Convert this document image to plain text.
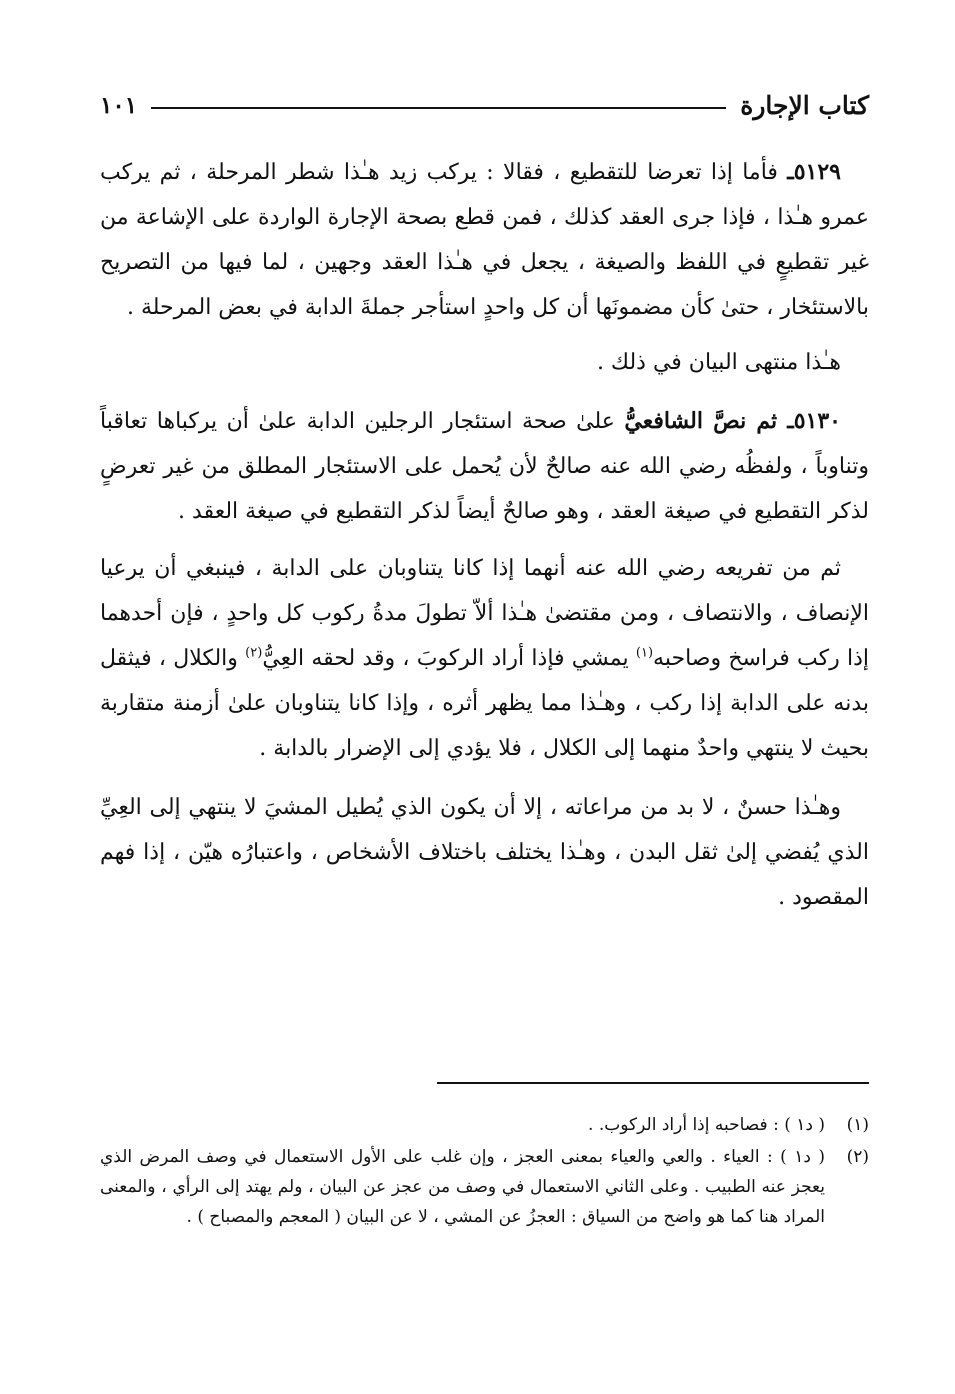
كتاب الإجارة
١٠١

٥١٢٩ـ فأما إذا تعرضا للتقطيع ، فقالا : يركب زيد هـٰذا شطر المرحلة ، ثم يركب عمرو هـٰذا ، فإذا جرى العقد كذلك ، فمن قطع بصحة الإجارة الواردة على الإشاعة من غير تقطيعٍ في اللفظ والصيغة ، يجعل في هـٰذا العقد وجهين ، لما فيها من التصريح بالاستئخار ، حتىٰ كأن مضمونَها أن كل واحدٍ استأجر جملةَ الدابة في بعض المرحلة .

هـٰذا منتهى البيان في ذلك .

٥١٣٠ـ ثم نصَّ الشافعيُّ علىٰ صحة استئجار الرجلين الدابة علىٰ أن يركباها تعاقباً وتناوباً ، ولفظُه رضي الله عنه صالحٌ لأن يُحمل على الاستئجار المطلق من غير تعرضٍ لذكر التقطيع في صيغة العقد ، وهو صالحٌ أيضاً لذكر التقطيع في صيغة العقد .

ثم من تفريعه رضي الله عنه أنهما إذا كانا يتناوبان على الدابة ، فينبغي أن يرعيا الإنصاف ، والانتصاف ، ومن مقتضىٰ هـٰذا ألاّ تطولَ مدةُ ركوب كل واحدٍ ، فإن أحدهما إذا ركب فراسخ وصاحبه$^{(١)}$ يمشي فإذا أراد الركوبَ ، وقد لحقه العِيُّ$^{(٢)}$ والكلال ، فيثقل بدنه على الدابة إذا ركب ، وهـٰذا مما يظهر أثره ، وإذا كانا يتناوبان علىٰ أزمنة متقاربة بحيث لا ينتهي واحدٌ منهما إلى الكلال ، فلا يؤدي إلى الإضرار بالدابة .

وهـٰذا حسنٌ ، لا بد من مراعاته ، إلا أن يكون الذي يُطيل المشيَ لا ينتهي إلى العِيِّ الذي يُفضي إلىٰ ثقل البدن ، وهـٰذا يختلف باختلاف الأشخاص ، واعتبارُه هيّن ، إذا فهم المقصود .

(١)
( د١ ) : فصاحبه إذا أراد الركوب. .
(٢)
( د١ ) : العياء . والعي والعياء بمعنى العجز ، وإن غلب على الأول الاستعمال في وصف المرض الذي يعجز عنه الطبيب . وعلى الثاني الاستعمال في وصف من عجز عن البيان ، ولم يهتد إلى الرأي ، والمعنى المراد هنا كما هو واضح من السياق : العجزُ عن المشي ، لا عن البيان ( المعجم والمصباح ) .
